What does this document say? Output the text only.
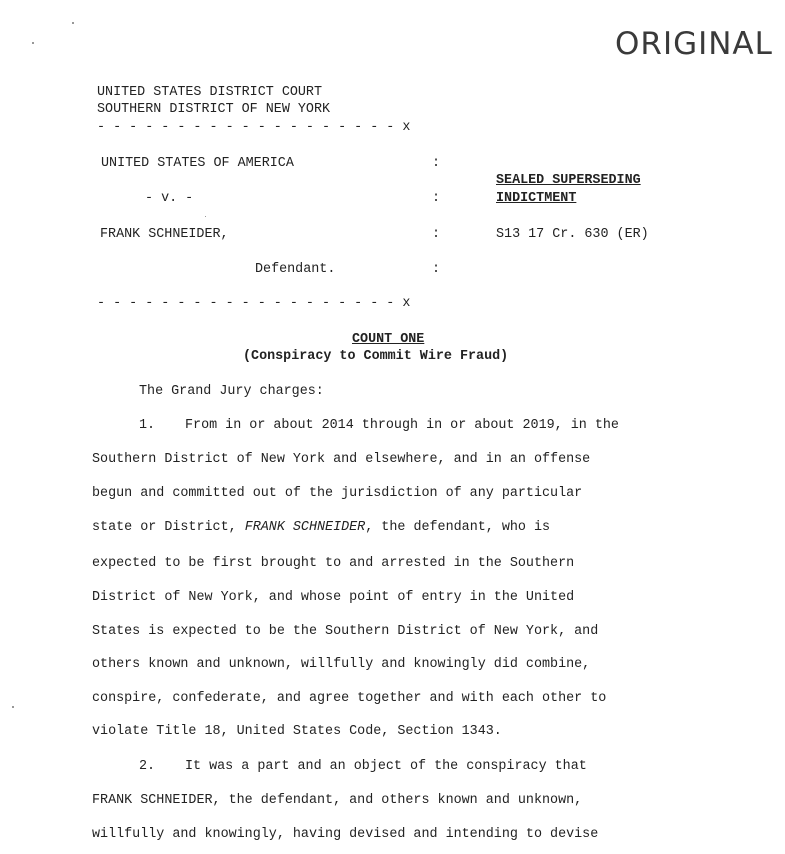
ORIGINAL
UNITED STATES DISTRICT COURT
SOUTHERN DISTRICT OF NEW YORK
- - - - - - - - - - - - - - - - - - - x
UNITED STATES OF AMERICA	:
SEALED SUPERSEDING
- v. -	:	INDICTMENT
FRANK SCHNEIDER,	:	S13 17 Cr. 630 (ER)
Defendant.	:
- - - - - - - - - - - - - - - - - - - x
COUNT ONE
(Conspiracy to Commit Wire Fraud)
The Grand Jury charges:
1. From in or about 2014 through in or about 2019, in the
Southern District of New York and elsewhere, and in an offense
begun and committed out of the jurisdiction of any particular
state or District, FRANK SCHNEIDER, the defendant, who is
expected to be first brought to and arrested in the Southern
District of New York, and whose point of entry in the United
States is expected to be the Southern District of New York, and
others known and unknown, willfully and knowingly did combine,
conspire, confederate, and agree together and with each other to
violate Title 18, United States Code, Section 1343.
2. It was a part and an object of the conspiracy that
FRANK SCHNEIDER, the defendant, and others known and unknown,
willfully and knowingly, having devised and intending to devise
